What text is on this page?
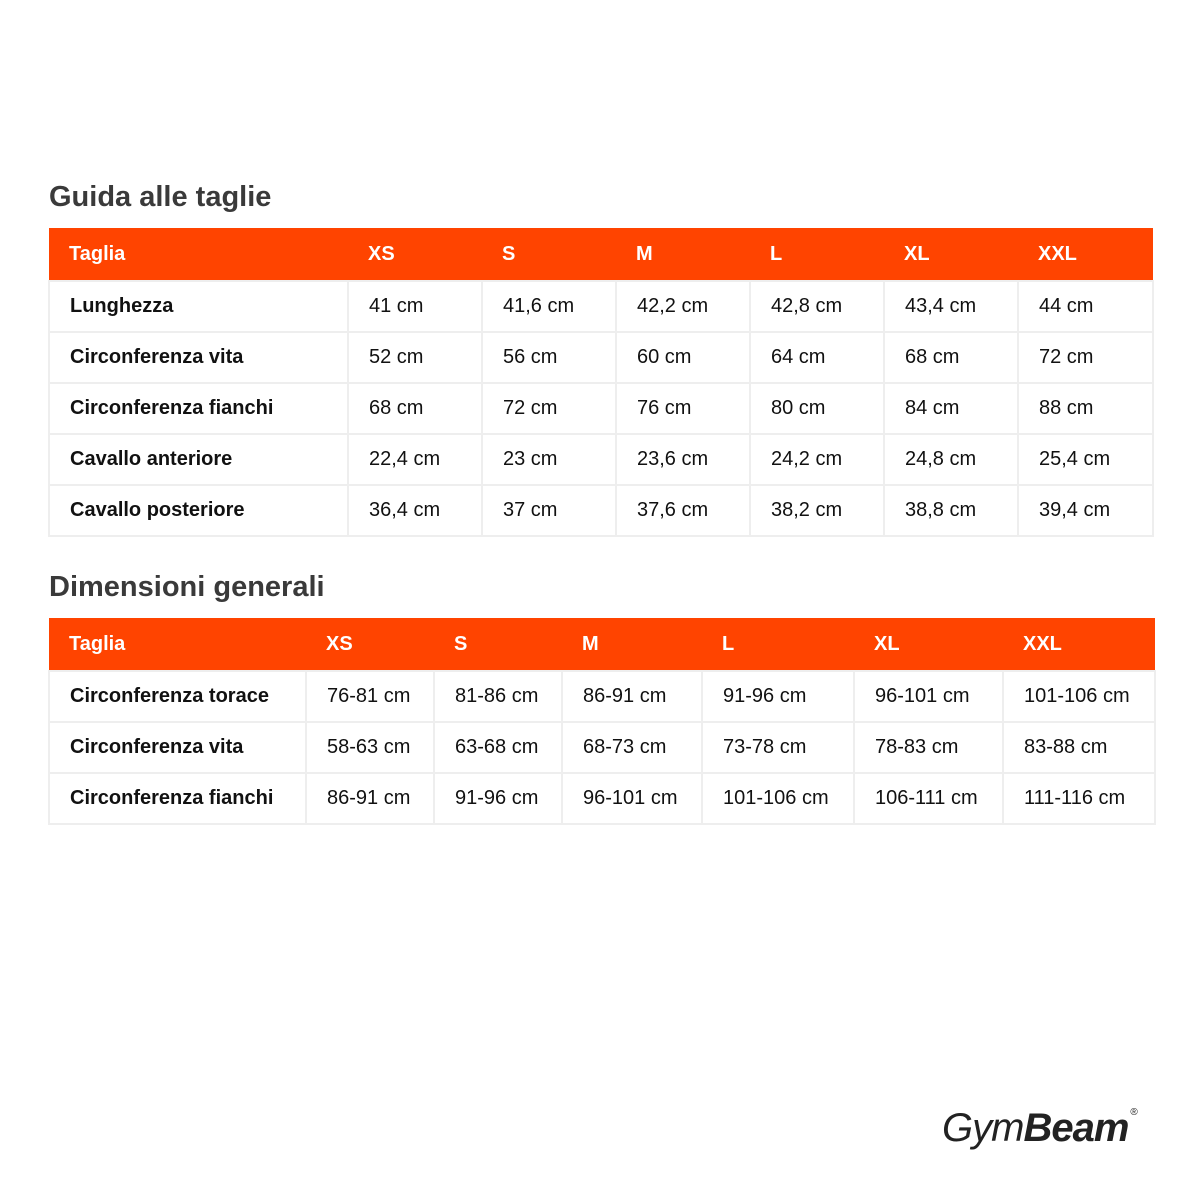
Guida alle taglie
Taglia	XS	S	M	L	XL	XXL
Lunghezza	41 cm	41,6 cm	42,2 cm	42,8 cm	43,4 cm	44 cm
Circonferenza vita	52 cm	56 cm	60 cm	64 cm	68 cm	72 cm
Circonferenza fianchi	68 cm	72 cm	76 cm	80 cm	84 cm	88 cm
Cavallo anteriore	22,4 cm	23 cm	23,6 cm	24,2 cm	24,8 cm	25,4 cm
Cavallo posteriore	36,4 cm	37 cm	37,6 cm	38,2 cm	38,8 cm	39,4 cm
Dimensioni generali
Taglia	XS	S	M	L	XL	XXL
Circonferenza torace	76-81 cm	81-86 cm	86-91 cm	91-96 cm	96-101 cm	101-106 cm
Circonferenza vita	58-63 cm	63-68 cm	68-73 cm	73-78 cm	78-83 cm	83-88 cm
Circonferenza fianchi	86-91 cm	91-96 cm	96-101 cm	101-106 cm	106-111 cm	111-116 cm
GymBeam ®
